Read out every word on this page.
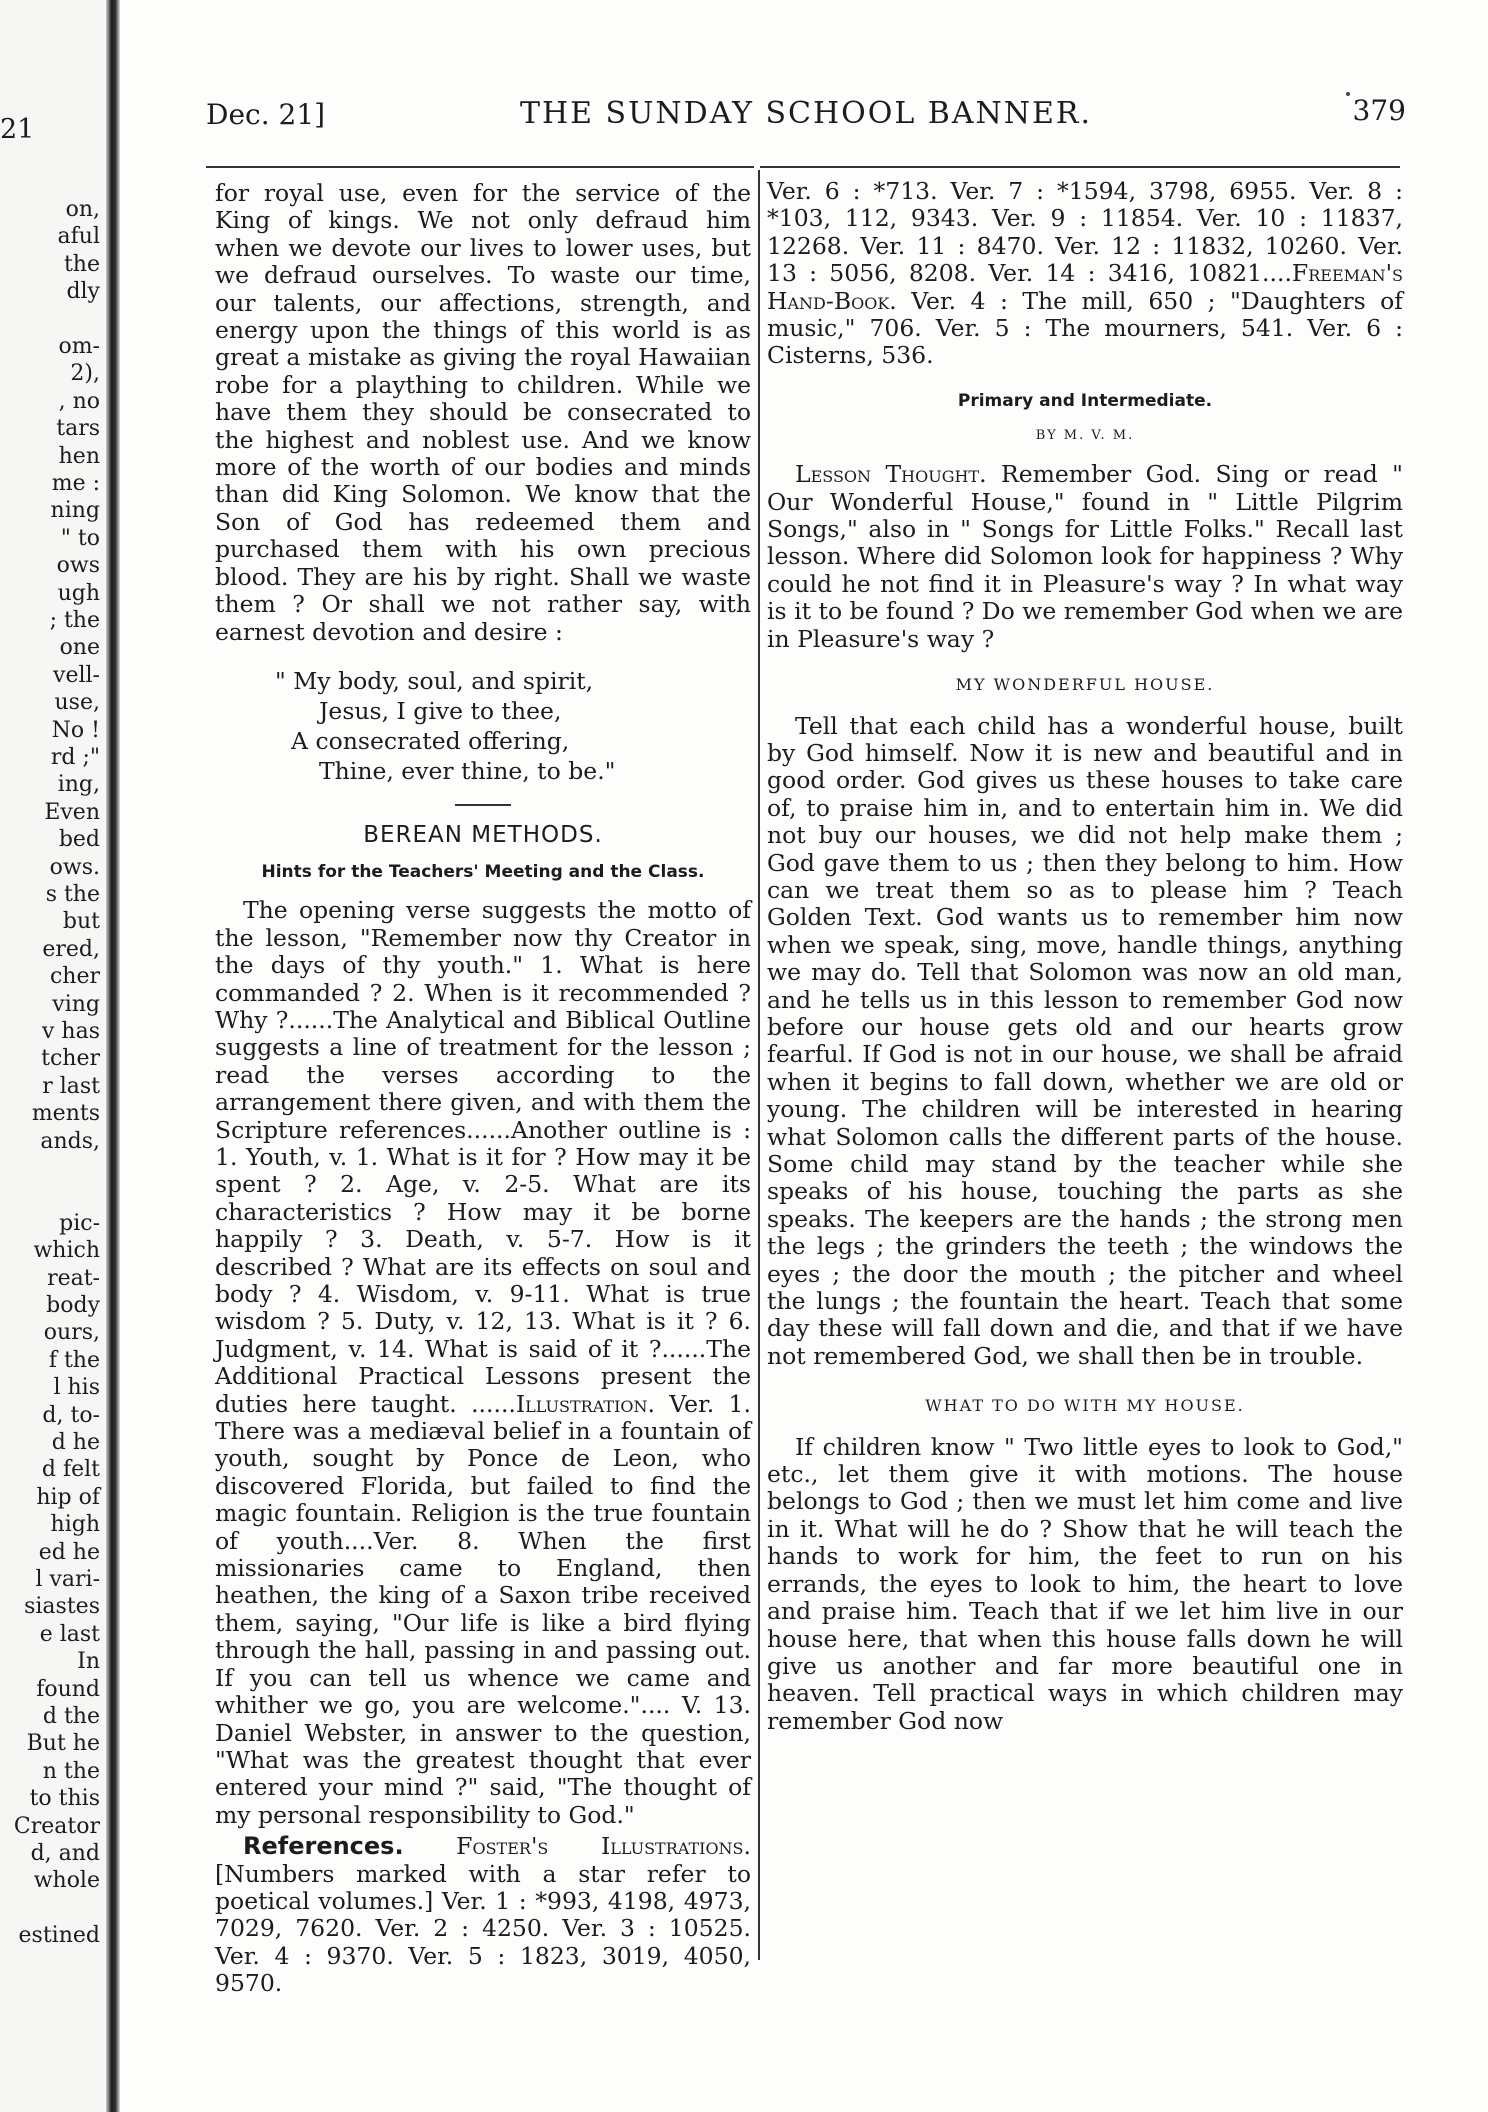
21
on,
aful
the
dly
om-
2),
, no
tars
hen
me :
ning
" to
ows
ugh
; the
one
vell-
use,
No !
rd ;"
ing,
Even
bed
ows.
s the
but
ered,
cher
ving
v has
tcher
r last
ments
ands,
pic-
which
reat-
body
ours,
f the
l his
d, to-
d he
d felt
hip of
high
ed he
l vari-
siastes
e last
In
found
d the
But he
n the
to this
Creator
d, and
whole
estined
Dec. 21]	THE SUNDAY SCHOOL BANNER.	379

for royal use, even for the service of the King of kings. We not only defraud him when we devote our lives to lower uses, but we defraud ourselves. To waste our time, our talents, our affections, strength, and energy upon the things of this world is as great a mistake as giving the royal Hawaiian robe for a plaything to children. While we have them they should be consecrated to the highest and noblest use. And we know more of the worth of our bodies and minds than did King Solomon. We know that the Son of God has redeemed them and purchased them with his own precious blood. They are his by right. Shall we waste them ? Or shall we not rather say, with earnest devotion and desire :

" My body, soul, and spirit,
Jesus, I give to thee,
A consecrated offering,
Thine, ever thine, to be."
BEREAN METHODS.
Hints for the Teachers' Meeting and the Class.

The opening verse suggests the motto of the lesson, "Remember now thy Creator in the days of thy youth." 1. What is here commanded ? 2. When is it recommended ? Why ?......The Analytical and Biblical Outline suggests a line of treatment for the lesson ; read the verses according to the arrangement there given, and with them the Scripture references......Another outline is : 1. Youth, v. 1. What is it for ? How may it be spent ? 2. Age, v. 2-5. What are its characteristics ? How may it be borne happily ? 3. Death, v. 5-7. How is it described ? What are its effects on soul and body ? 4. Wisdom, v. 9-11. What is true wisdom ? 5. Duty, v. 12, 13. What is it ? 6. Judgment, v. 14. What is said of it ?......The Additional Practical Lessons present the duties here taught. ......Illustration. Ver. 1. There was a mediæval belief in a fountain of youth, sought by Ponce de Leon, who discovered Florida, but failed to find the magic fountain. Religion is the true fountain of youth....Ver. 8. When the first missionaries came to England, then heathen, the king of a Saxon tribe received them, saying, "Our life is like a bird flying through the hall, passing in and passing out. If you can tell us whence we came and whither we go, you are welcome.".... V. 13. Daniel Webster, in answer to the question, "What was the greatest thought that ever entered your mind ?" said, "The thought of my personal responsibility to God."

References. Foster's Illustrations. [Numbers marked with a star refer to poetical volumes.] Ver. 1 : *993, 4198, 4973, 7029, 7620. Ver. 2 : 4250. Ver. 3 : 10525. Ver. 4 : 9370. Ver. 5 : 1823, 3019, 4050, 9570.

Ver. 6 : *713. Ver. 7 : *1594, 3798, 6955. Ver. 8 : *103, 112, 9343. Ver. 9 : 11854. Ver. 10 : 11837, 12268. Ver. 11 : 8470. Ver. 12 : 11832, 10260. Ver. 13 : 5056, 8208. Ver. 14 : 3416, 10821....Freeman's Hand-Book. Ver. 4 : The mill, 650 ; "Daughters of music," 706. Ver. 5 : The mourners, 541. Ver. 6 : Cisterns, 536.

Primary and Intermediate.
BY M. V. M.

Lesson Thought. Remember God. Sing or read " Our Wonderful House," found in " Little Pilgrim Songs," also in " Songs for Little Folks." Recall last lesson. Where did Solomon look for happiness ? Why could he not find it in Pleasure's way ? In what way is it to be found ? Do we remember God when we are in Pleasure's way ?

MY WONDERFUL HOUSE.

Tell that each child has a wonderful house, built by God himself. Now it is new and beautiful and in good order. God gives us these houses to take care of, to praise him in, and to entertain him in. We did not buy our houses, we did not help make them ; God gave them to us ; then they belong to him. How can we treat them so as to please him ? Teach Golden Text. God wants us to remember him now when we speak, sing, move, handle things, anything we may do. Tell that Solomon was now an old man, and he tells us in this lesson to remember God now before our house gets old and our hearts grow fearful. If God is not in our house, we shall be afraid when it begins to fall down, whether we are old or young. The children will be interested in hearing what Solomon calls the different parts of the house. Some child may stand by the teacher while she speaks of his house, touching the parts as she speaks. The keepers are the hands ; the strong men the legs ; the grinders the teeth ; the windows the eyes ; the door the mouth ; the pitcher and wheel the lungs ; the fountain the heart. Teach that some day these will fall down and die, and that if we have not remembered God, we shall then be in trouble.

WHAT TO DO WITH MY HOUSE.

If children know " Two little eyes to look to God," etc., let them give it with motions. The house belongs to God ; then we must let him come and live in it. What will he do ? Show that he will teach the hands to work for him, the feet to run on his errands, the eyes to look to him, the heart to love and praise him. Teach that if we let him live in our house here, that when this house falls down he will give us another and far more beautiful one in heaven. Tell practical ways in which children may remember God now
